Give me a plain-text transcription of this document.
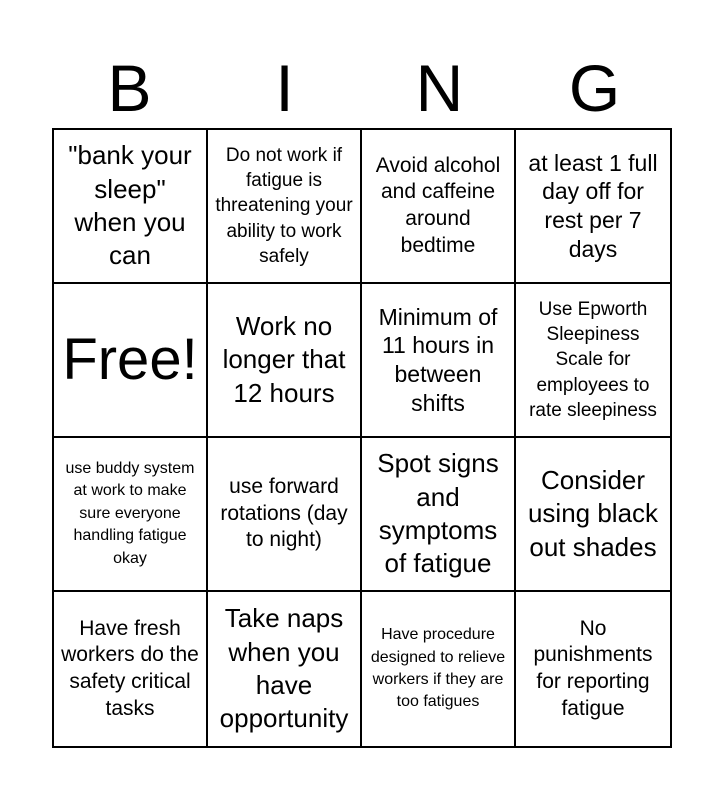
B	I	N	G
"bank your sleep" when you can
Do not work if fatigue is threatening your ability to work safely
Avoid alcohol and caffeine around bedtime
at least 1 full day off for rest per 7 days
Free!
Work no longer that 12 hours
Minimum of 11 hours in between shifts
Use Epworth Sleepiness Scale for employees to rate sleepiness
use buddy system at work to make sure everyone handling fatigue okay
use forward rotations (day to night)
Spot signs and symptoms of fatigue
Consider using black out shades
Have fresh workers do the safety critical tasks
Take naps when you have opportunity
Have procedure designed to relieve workers if they are too fatigues
No punishments for reporting fatigue
